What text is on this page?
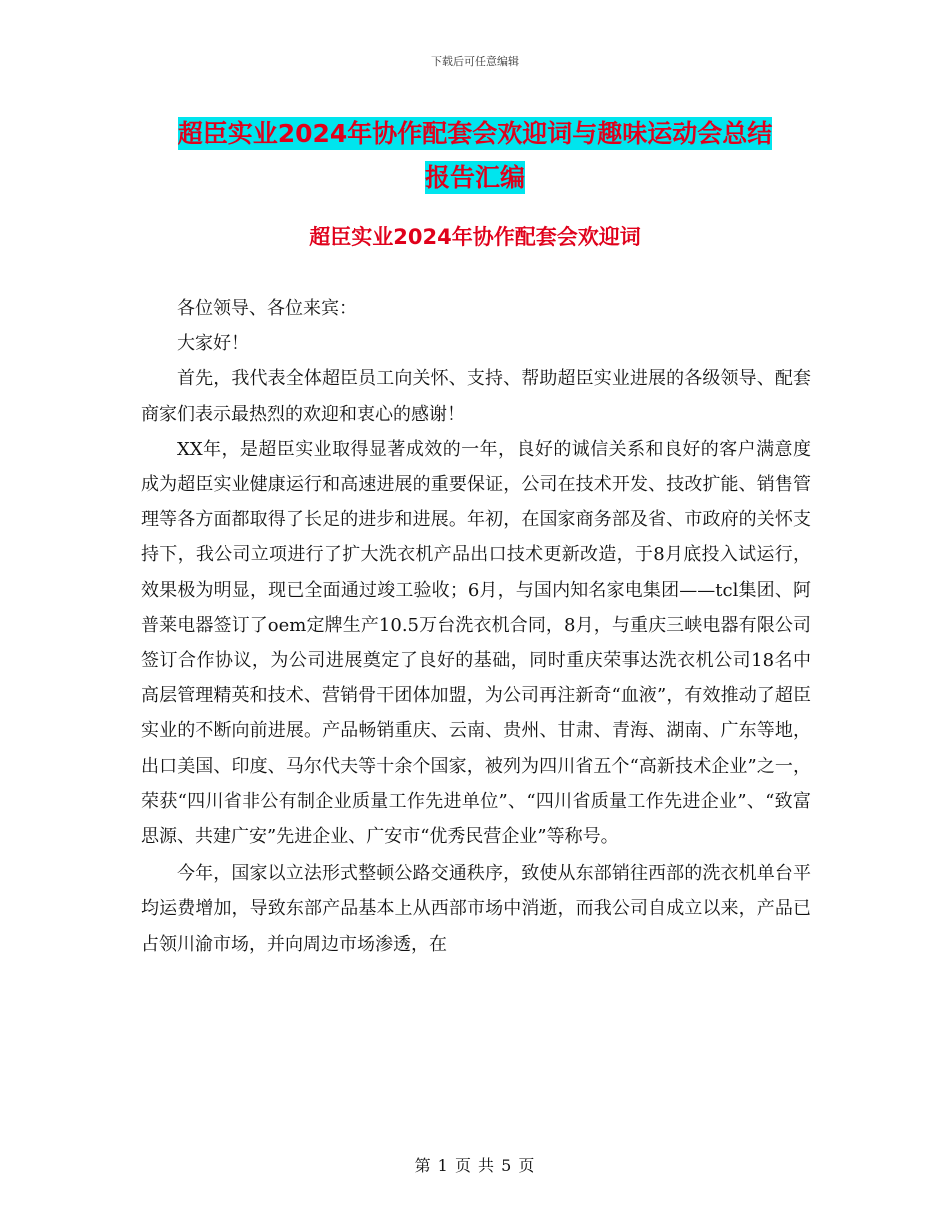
下载后可任意编辑
超臣实业2024年协作配套会欢迎词与趣味运动会总结
报告汇编
超臣实业2024年协作配套会欢迎词

各位领导、各位来宾：

大家好！

首先，我代表全体超臣员工向关怀、支持、帮助超臣实业进展的各级领导、配套商家们表示最热烈的欢迎和衷心的感谢！

XX年，是超臣实业取得显著成效的一年，良好的诚信关系和良好的客户满意度成为超臣实业健康运行和高速进展的重要保证，公司在技术开发、技改扩能、销售管理等各方面都取得了长足的进步和进展。年初，在国家商务部及省、市政府的关怀支持下，我公司立项进行了扩大洗衣机产品出口技术更新改造，于8月底投入试运行，效果极为明显，现已全面通过竣工验收；6月，与国内知名家电集团——tcl集团、阿普莱电器签订了oem定牌生产10.5万台洗衣机合同，8月，与重庆三峡电器有限公司签订合作协议，为公司进展奠定了良好的基础，同时重庆荣事达洗衣机公司18名中高层管理精英和技术、营销骨干团体加盟，为公司再注新奇“血液”，有效推动了超臣实业的不断向前进展。产品畅销重庆、云南、贵州、甘肃、青海、湖南、广东等地，出口美国、印度、马尔代夫等十余个国家，被列为四川省五个“高新技术企业”之一，荣获“四川省非公有制企业质量工作先进单位”、“四川省质量工作先进企业”、“致富思源、共建广安”先进企业、广安市“优秀民营企业”等称号。

今年，国家以立法形式整顿公路交通秩序，致使从东部销往西部的洗衣机单台平均运费增加，导致东部产品基本上从西部市场中消逝，而我公司自成立以来，产品已占领川渝市场，并向周边市场渗透，在

第 1 页 共 5 页
